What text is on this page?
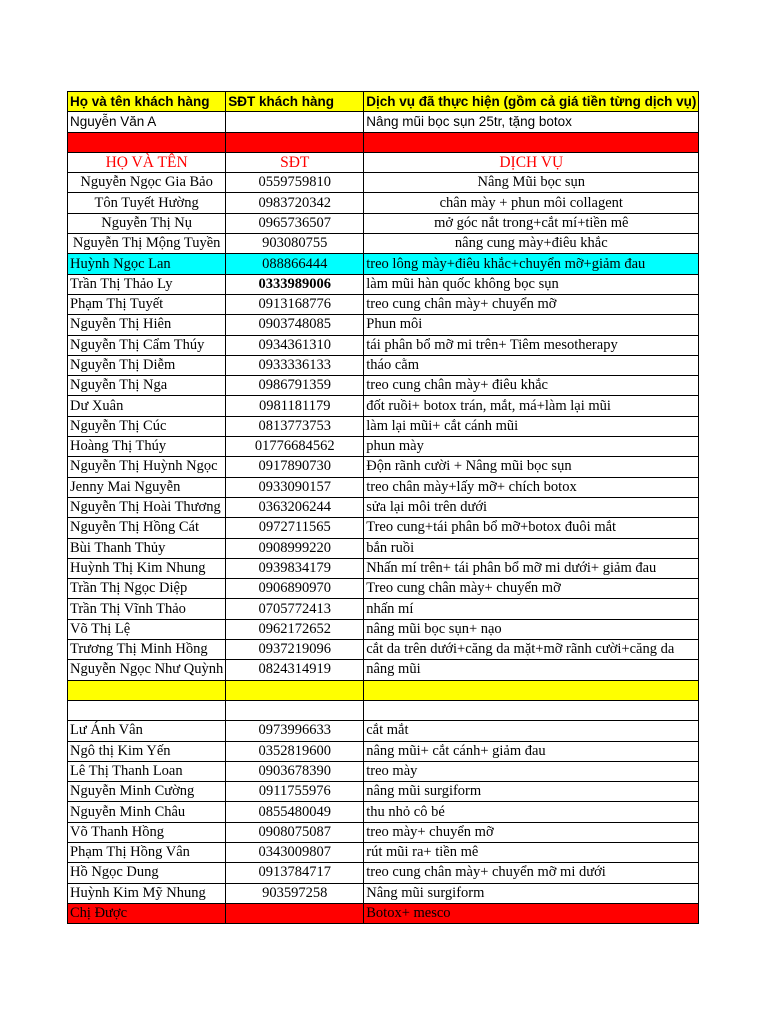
Họ và tên khách hàng	SĐT khách hàng	Dịch vụ đã thực hiện (gồm cả giá tiền từng dịch vụ)
Nguyễn Văn A		Nâng mũi bọc sụn 25tr, tặng botox

HỌ VÀ TÊN	SĐT	DỊCH VỤ
Nguyễn Ngọc Gia Bảo	0559759810	Nâng Mũi bọc sụn
Tôn Tuyết Hường	0983720342	chân mày + phun môi collagent
Nguyễn Thị Nụ	0965736507	mở góc nắt trong+cắt mí+tiền mê
Nguyễn Thị Mộng Tuyền	903080755	nâng cung mày+điêu khắc
Huỳnh Ngọc Lan	088866444	treo lông mày+điêu khắc+chuyển mỡ+giảm đau
Trần Thị Thảo Ly	0333989006	làm mũi hàn quốc không bọc sụn
Phạm Thị Tuyết	0913168776	treo cung chân mày+ chuyển mỡ
Nguyễn Thị Hiên	0903748085	Phun môi
Nguyễn Thị Cẩm Thúy	0934361310	tái phân bổ mỡ mi trên+ Tiêm mesotherapy
Nguyễn Thị Diễm	0933336133	tháo cằm
Nguyễn Thị Nga	0986791359	treo cung chân mày+ điêu khắc
Dư Xuân	0981181179	đốt ruồi+ botox trán, mắt, má+làm lại mũi
Nguyễn Thị Cúc	0813773753	làm lại mũi+ cắt cánh mũi
Hoàng Thị Thúy	01776684562	phun mày
Nguyễn Thị Huỳnh Ngọc	0917890730	Độn rãnh cười + Nâng mũi bọc sụn
Jenny Mai Nguyễn	0933090157	treo chân mày+lấy mỡ+ chích botox
Nguyễn Thị Hoài Thương	0363206244	sửa lại môi trên dưới
Nguyễn Thị Hồng Cát	0972711565	Treo cung+tái phân bổ mỡ+botox đuôi mắt
Bùi Thanh Thủy	0908999220	bắn ruồi
Huỳnh Thị Kim Nhung	0939834179	Nhấn mí trên+ tái phân bổ mỡ mi dưới+ giảm đau
Trần Thị Ngọc Diệp	0906890970	Treo cung chân mày+ chuyển mỡ
Trần Thị Vĩnh Thảo	0705772413	nhấn mí
Võ Thị Lệ	0962172652	nâng mũi bọc sụn+ nạo
Trương Thị Minh Hồng	0937219096	cắt da trên dưới+căng da mặt+mỡ rãnh cười+căng da
Nguyễn Ngọc Như Quỳnh	0824314919	nâng mũi

Lư Ánh Vân	0973996633	cắt mắt
Ngô thị Kim Yến	0352819600	nâng mũi+ cắt cánh+ giảm đau
Lê Thị Thanh Loan	0903678390	treo mày
Nguyễn Minh Cường	0911755976	nâng mũi surgiform
Nguyễn Minh Châu	0855480049	thu nhỏ cô bé
Võ Thanh Hồng	0908075087	treo mày+ chuyển mỡ
Phạm Thị Hồng Vân	0343009807	rút mũi ra+ tiền mê
Hồ Ngọc Dung	0913784717	treo cung chân mày+ chuyển mỡ mi dưới
Huỳnh Kim Mỹ Nhung	903597258	Nâng mũi surgiform
Chị Được		Botox+ mesco
